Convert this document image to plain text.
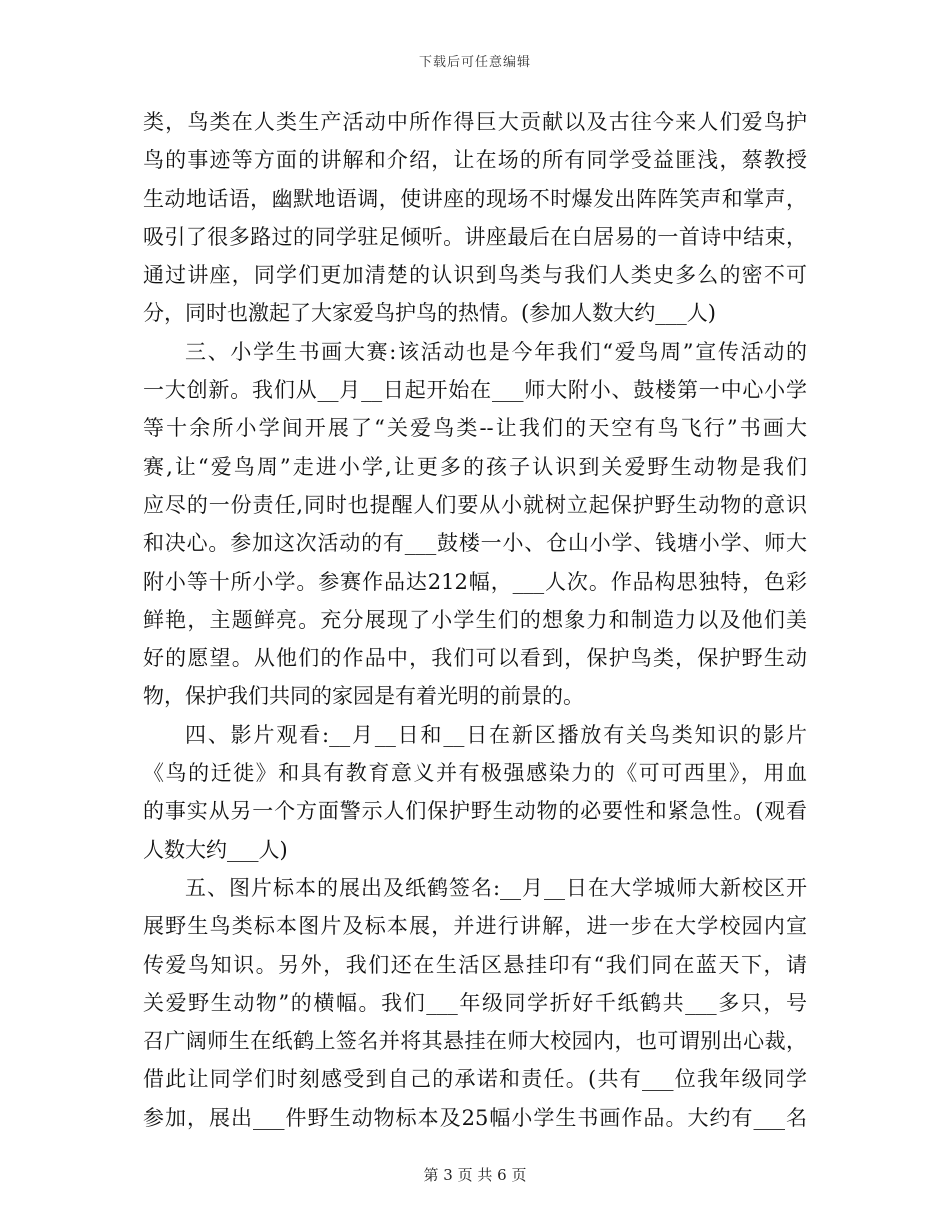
下载后可任意编辑
类，鸟类在人类生产活动中所作得巨大贡献以及古往今来人们爱鸟护
鸟的事迹等方面的讲解和介绍，让在场的所有同学受益匪浅，蔡教授
生动地话语，幽默地语调，使讲座的现场不时爆发出阵阵笑声和掌声，
吸引了很多路过的同学驻足倾听。讲座最后在白居易的一首诗中结束，
通过讲座，同学们更加清楚的认识到鸟类与我们人类史多么的密不可
分，同时也激起了大家爱鸟护鸟的热情。(参加人数大约___人)
三、小学生书画大赛:该活动也是今年我们“爱鸟周”宣传活动的
一大创新。我们从__月__日起开始在___师大附小、鼓楼第一中心小学
等十余所小学间开展了“关爱鸟类--让我们的天空有鸟飞行”书画大
赛,让“爱鸟周”走进小学,让更多的孩子认识到关爱野生动物是我们
应尽的一份责任,同时也提醒人们要从小就树立起保护野生动物的意识
和决心。参加这次活动的有___鼓楼一小、仓山小学、钱塘小学、师大
附小等十所小学。参赛作品达212幅，___人次。作品构思独特，色彩
鲜艳，主题鲜亮。充分展现了小学生们的想象力和制造力以及他们美
好的愿望。从他们的作品中，我们可以看到，保护鸟类，保护野生动
物，保护我们共同的家园是有着光明的前景的。
四、影片观看:__月__日和__日在新区播放有关鸟类知识的影片
《鸟的迁徙》和具有教育意义并有极强感染力的《可可西里》，用血
的事实从另一个方面警示人们保护野生动物的必要性和紧急性。(观看
人数大约___人)
五、图片标本的展出及纸鹤签名:__月__日在大学城师大新校区开
展野生鸟类标本图片及标本展，并进行讲解，进一步在大学校园内宣
传爱鸟知识。另外，我们还在生活区悬挂印有“我们同在蓝天下，请
关爱野生动物”的横幅。我们___年级同学折好千纸鹤共___多只，号
召广阔师生在纸鹤上签名并将其悬挂在师大校园内，也可谓别出心裁，
借此让同学们时刻感受到自己的承诺和责任。(共有___位我年级同学
参加，展出___件野生动物标本及25幅小学生书画作品。大约有___名
第 3 页 共 6 页
